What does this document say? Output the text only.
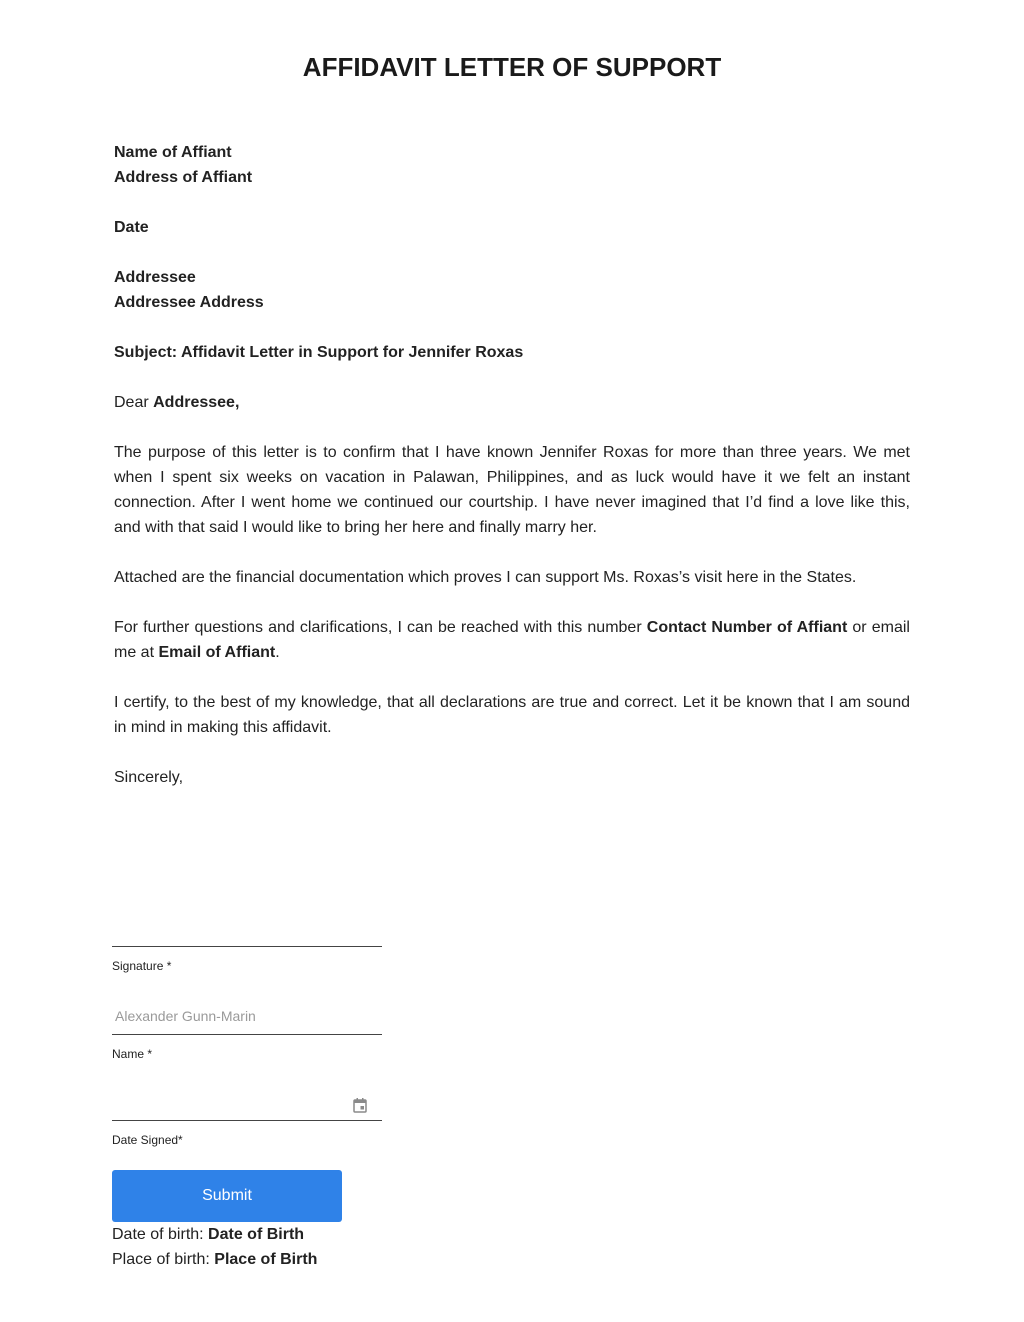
AFFIDAVIT LETTER OF SUPPORT
Name of Affiant
Address of Affiant

Date

Addressee
Addressee Address

Subject: Affidavit Letter in Support for Jennifer Roxas

Dear Addressee,

The purpose of this letter is to confirm that I have known Jennifer Roxas for more than three years. We met when I spent six weeks on vacation in Palawan, Philippines, and as luck would have it we felt an instant connection. After I went home we continued our courtship. I have never imagined that I’d find a love like this, and with that said I would like to bring her here and finally marry her.

Attached are the financial documentation which proves I can support Ms. Roxas’s visit here in the States.

For further questions and clarifications, I can be reached with this number Contact Number of Affiant or email me at Email of Affiant.

I certify, to the best of my knowledge, that all declarations are true and correct. Let it be known that I am sound in mind in making this affidavit.

Sincerely,

Signature *
Alexander Gunn-Marin
Name *
Date Signed*
Submit
Date of birth: Date of Birth
Place of birth: Place of Birth
